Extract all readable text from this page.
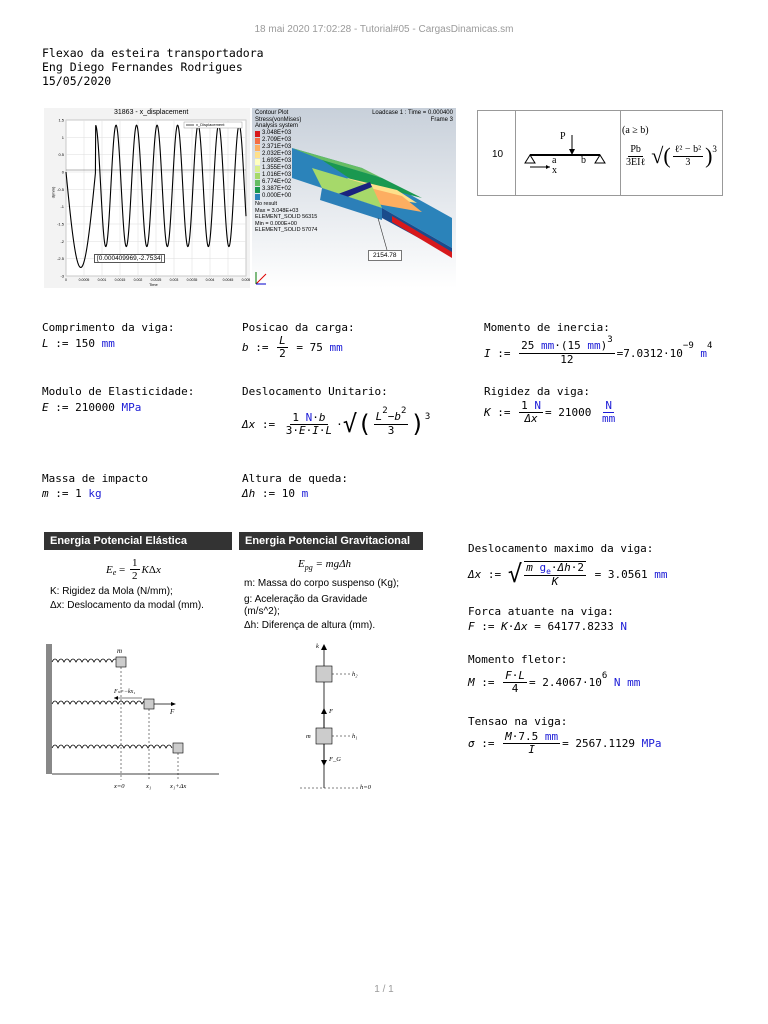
18 mai 2020 17:02:28 - Tutorial#05 - CargasDinamicas.sm
Flexao da esteira transportadora
Eng Diego Fernandes Rodrigues
15/05/2020
1.5
1
0.5
0
-0.5
-1
-1.5
-2
-2.5
-3
0	0.0005 0.001 0.0015 0.002 0.0025 0.003 0.0035 0.004 0.0045 0.005
31863 - x_displacement
x_Displacement
d(mm)
Time
[0.000409969,-2.7534]
Contour Plot
Stress(vonMises)
Analysis system
Loadcase 1 : Time = 0.000400
Frame 3
3.048E+03
2.709E+03
2.371E+03
2.032E+03
1.693E+03
1.355E+03
1.016E+03
6.774E+02
3.387E+02
0.000E+00
No result
Max = 3.048E+03
ELEMENT_SOLID 56315
Min = 0.000E+00
ELEMENT_SOLID 57074
2154.78
10
P
a b
x
(a ≥ b)
$\frac{Pb}{\text{3EIℓ}}$ √ ( $\frac{\text{ℓ² − b²}}{3}$ ) 3
Comprimento da viga:
L := 150
mm
Posicao da carga:
b := $\frac{L}{2} = 75$
mm
Momento de inercia:
I := $\frac{25 mm\cdot(15 mm)^3}{12} = 7.0312\cdot 10$
−9

m
4
Modulo de Elasticidade:
E := 210000
MPa
Deslocamento Unitario:
Δx := $\frac{1 N\cdot b}{3\cdot E\cdot I\cdot L}$ · √ ( $\frac{L^2-b^2}{3}$ ) 3
Rigidez da viga:
K := $\frac{1 N}{\Delta x} = 21000$
$\frac{N}{mm}$
Massa de impacto
m := 1
kg
Altura de queda:
Δh := 10
m
Energia Potencial Elástica
E $e = \frac{1}{2}$ K Δ x
K: Rigidez da Mola (N/mm);
Δx: Deslocamento da modal (mm).
m
Fₛ=−kx₁
F
x=0	x₁	x₁+Δx
Energia Potencial Gravitacional
$E_{pg} = mg\Delta h$
m: Massa do corpo suspenso (Kg);
g: Aceleração da Gravidade (m/s^2);
Δh: Diferença de altura (mm).
k
h₂
h₁
m
F
F_G
h=0
Deslocamento maximo da viga:
Δx := √ $\frac{m g_e\cdot\Delta h\cdot 2}{K} = 3.0561$
mm
Forca atuante na viga:
F := K · Δx = 64177.8233
N
Momento fletor:
M := $\frac{F\cdot L}{4} = 2.4067\cdot 10$
6

N mm
Tensao na viga:
σ := $\frac{M\cdot 7.5 mm}{I} = 2567.1129$
MPa
1 / 1
